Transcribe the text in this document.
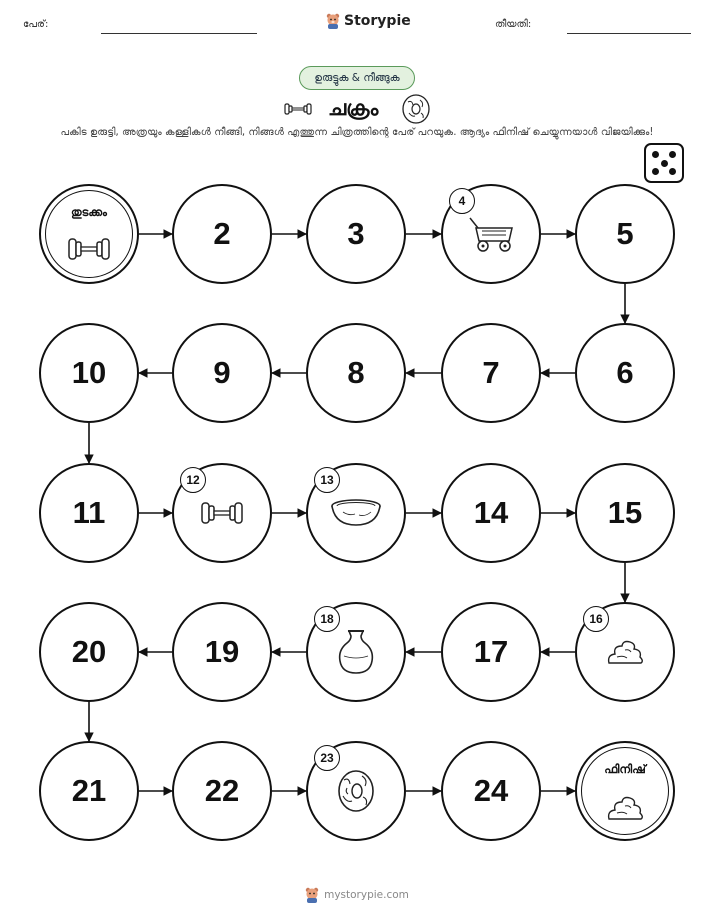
പേര്:	Storypie	തീയതി:
ഉരുട്ടുക & നീങ്ങുക
ചക്രം
പകിട ഉരുട്ടി, അത്രയും കള്ളികൾ നീങ്ങി, നിങ്ങൾ എത്തുന്ന ചിത്രത്തിന്റെ പേര് പറയുക. ആദ്യം ഫിനിഷ് ചെയ്യുന്നയാൾ വിജയിക്കും!
തുടക്കം
2	3
4
5
6
7
8
9
10
11
12	13
14	15
16
17
18
19
20
21	22
23
24
ഫിനിഷ്
mystorypie.com
